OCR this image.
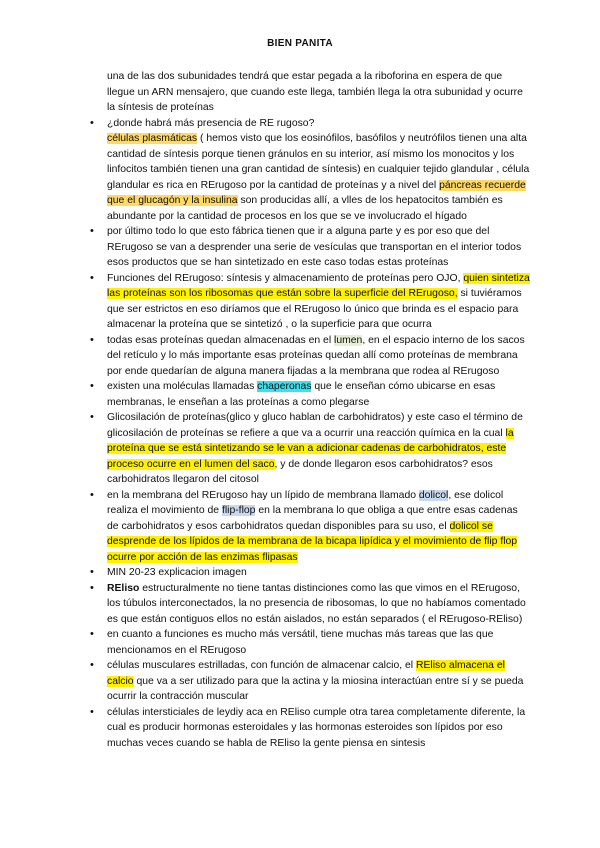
BIEN PANITA

una de las dos subunidades tendrá que estar pegada a la riboforina en espera de que llegue un ARN mensajero, que cuando este llega, también llega la otra subunidad y ocurre la síntesis de proteínas

• ¿donde habrá más presencia de RE rugoso?

células plasmáticas ( hemos visto que los eosinófilos, basófilos y neutrófilos tienen una alta cantidad de síntesis porque tienen gránulos en su interior, así mismo los monocitos y los linfocitos también tienen una gran cantidad de síntesis) en cualquier tejido glandular , célula glandular es rica en RErugoso por la cantidad de proteínas y a nivel del páncreas recuerde que el glucagón y la insulina son producidas allí, a vlles de los hepatocitos también es abundante por la cantidad de procesos en los que se ve involucrado el hígado

• por último todo lo que esto fábrica tienen que ir a alguna parte y es por eso que del RErugoso se van a desprender una serie de vesículas que transportan en el interior todos esos productos que se han sintetizado en este caso todas estas proteínas

• Funciones del RErugoso: síntesis y almacenamiento de proteínas pero OJO, quien sintetiza las proteínas son los ribosomas que están sobre la superficie del RErugoso, si tuviéramos que ser estrictos en eso diríamos que el RErugoso lo único que brinda es el espacio para almacenar la proteína que se sintetizó , o la superficie para que ocurra

• todas esas proteínas quedan almacenadas en el lumen, en el espacio interno de los sacos del retículo y lo más importante esas proteínas quedan allí como proteínas de membrana por ende quedarían de alguna manera fijadas a la membrana que rodea al RErugoso

• existen una moléculas llamadas chaperonas que le enseñan cómo ubicarse en esas membranas, le enseñan a las proteínas a como plegarse

• Glicosilación de proteínas(glico y gluco hablan de carbohidratos) y este caso el término de glicosilación de proteínas se refiere a que va a ocurrir una reacción química en la cual la proteína que se está sintetizando se le van a adicionar cadenas de carbohidratos, este proceso ocurre en el lumen del saco, y de donde llegaron esos carbohidratos? esos carbohidratos llegaron del citosol

• en la membrana del RErugoso hay un lípido de membrana llamado dolicol, ese dolicol realiza el movimiento de flip-flop en la membrana lo que obliga a que entre esas cadenas de carbohidratos y esos carbohidratos quedan disponibles para su uso, el dolicol se desprende de los lípidos de la membrana de la bicapa lipídica y el movimiento de flip flop ocurre por acción de las enzimas flipasas

• MIN 20-23 explicacion imagen

• REliso estructuralmente no tiene tantas distinciones como las que vimos en el RErugoso, los túbulos interconectados, la no presencia de ribosomas, lo que no habíamos comentado es que están contiguos ellos no están aislados, no están separados ( el RErugoso-REliso)

• en cuanto a funciones es mucho más versátil, tiene muchas más tareas que las que mencionamos en el RErugoso

• células musculares estrilladas, con función de almacenar calcio, el REliso almacena el calcio que va a ser utilizado para que la actina y la miosina interactúan entre sí y se pueda ocurrir la contracción muscular

• células intersticiales de leydiy aca en REliso cumple otra tarea completamente diferente, la cual es producir hormonas esteroidales y las hormonas esteroides son lípidos por eso muchas veces cuando se habla de REliso la gente piensa en sintesis
